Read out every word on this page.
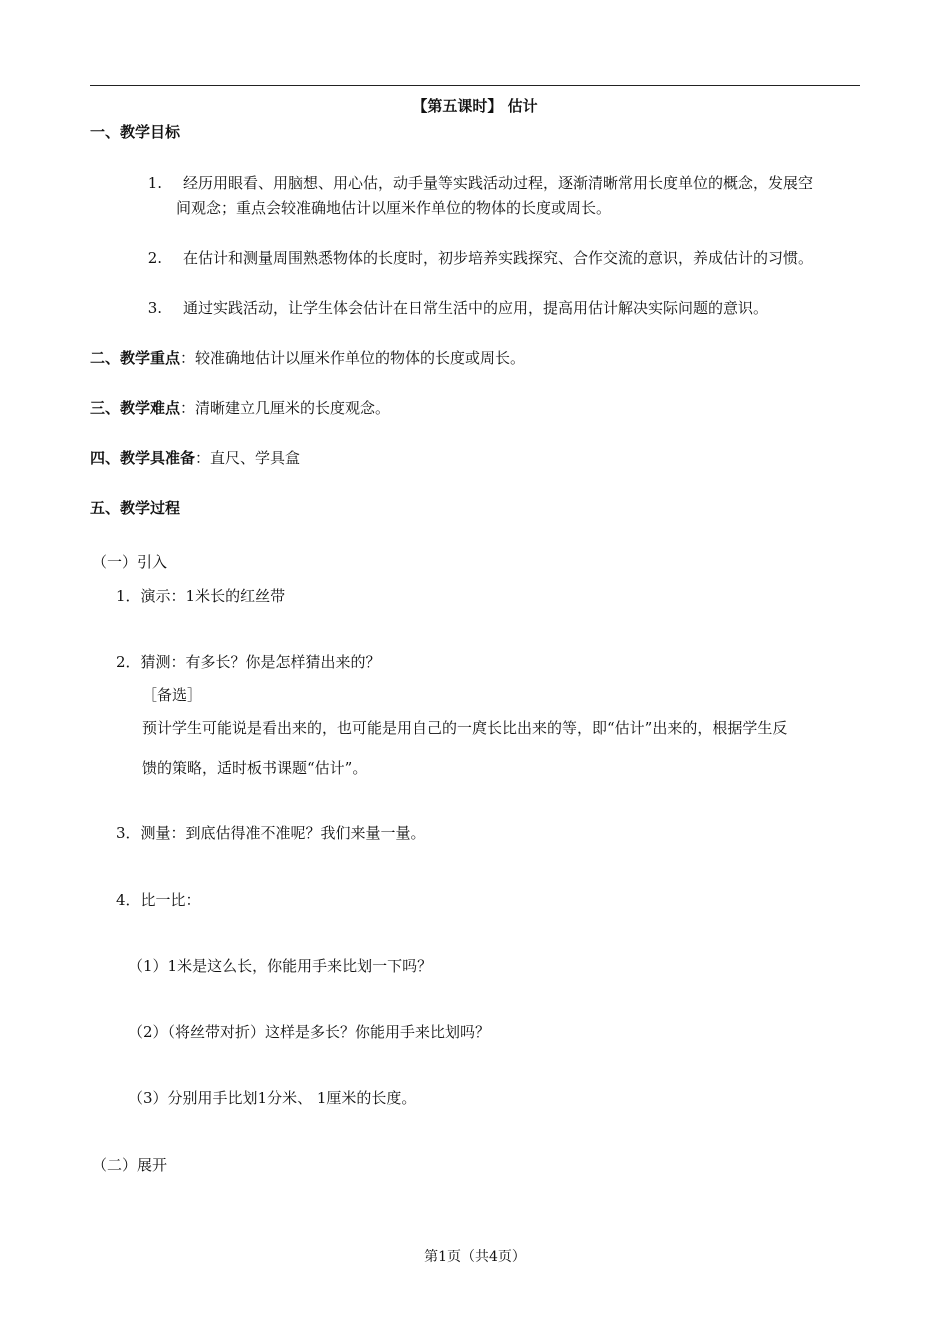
【第五课时】 估计
一、教学目标
1. 经历用眼看、用脑想、用心估，动手量等实践活动过程，逐渐清晰常用长度单位的概念，发展空
间观念；重点会较准确地估计以厘米作单位的物体的长度或周长。
2. 在估计和测量周围熟悉物体的长度时，初步培养实践探究、合作交流的意识，养成估计的习惯。
3. 通过实践活动，让学生体会估计在日常生活中的应用，提高用估计解决实际问题的意识。
二、教学重点：较准确地估计以厘米作单位的物体的长度或周长。
三、教学难点：清晰建立几厘米的长度观念。
四、教学具准备：直尺、学具盒
五、教学过程
（一）引入
1．演示：1米长的红丝带
2．猜测：有多长？你是怎样猜出来的？
［备选］
预计学生可能说是看出来的，也可能是用自己的一庹长比出来的等，即“估计”出来的，根据学生反
馈的策略，适时板书课题“估计”。
3．测量：到底估得准不准呢？我们来量一量。
4．比一比：
（1）1米是这么长，你能用手来比划一下吗？
（2）（将丝带对折）这样是多长？你能用手来比划吗？
（3）分别用手比划1分米、 1厘米的长度。
（二）展开
第1页（共4页）
